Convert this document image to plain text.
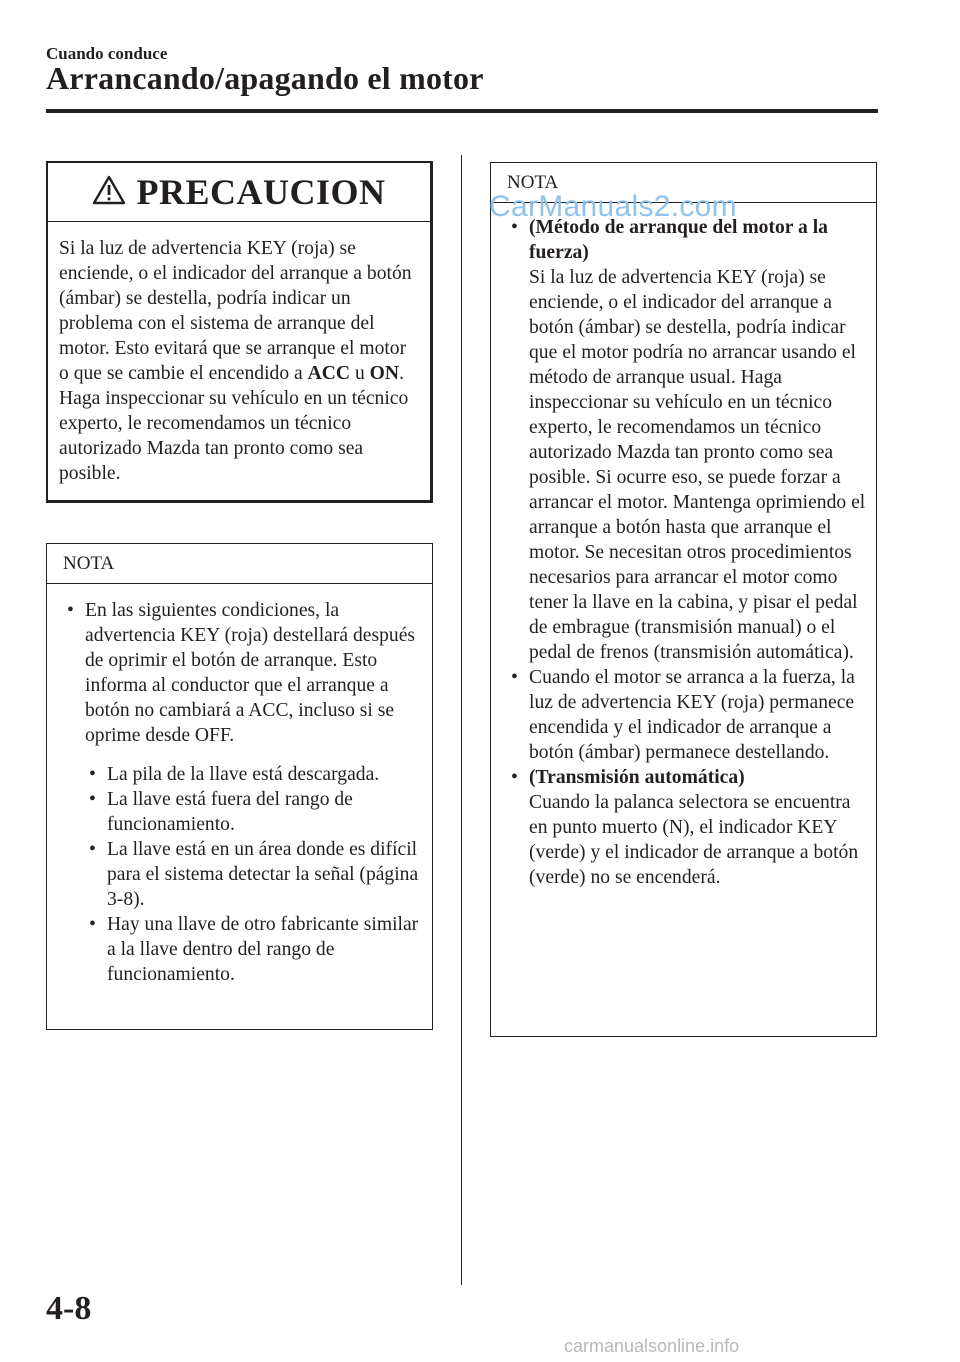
Cuando conduce
Arrancando/apagando el motor
PRECAUCION

Si la luz de advertencia KEY (roja) se enciende, o el indicador del arranque a botón (ámbar) se destella, podría indicar un problema con el sistema de arranque del motor. Esto evitará que se arranque el motor o que se cambie el encendido a ACC u ON. Haga inspeccionar su vehículo en un técnico experto, le recomendamos un técnico autorizado Mazda tan pronto como sea posible.

NOTA
• En las siguientes condiciones, la advertencia KEY (roja) destellará después de oprimir el botón de arranque. Esto informa al conductor que el arranque a botón no cambiará a ACC, incluso si se oprime desde OFF.
• La pila de la llave está descargada.
• La llave está fuera del rango de funcionamiento.
• La llave está en un área donde es difícil para el sistema detectar la señal (página 3-8).
• Hay una llave de otro fabricante similar a la llave dentro del rango de funcionamiento.
NOTA
• (Método de arranque del motor a la fuerza)
Si la luz de advertencia KEY (roja) se enciende, o el indicador del arranque a botón (ámbar) se destella, podría indicar que el motor podría no arrancar usando el método de arranque usual. Haga inspeccionar su vehículo en un técnico experto, le recomendamos un técnico autorizado Mazda tan pronto como sea posible. Si ocurre eso, se puede forzar a arrancar el motor. Mantenga oprimiendo el arranque a botón hasta que arranque el motor. Se necesitan otros procedimientos necesarios para arrancar el motor como tener la llave en la cabina, y pisar el pedal de embrague (transmisión manual) o el pedal de frenos (transmisión automática).
• Cuando el motor se arranca a la fuerza, la luz de advertencia KEY (roja) permanece encendida y el indicador de arranque a botón (ámbar) permanece destellando.
• (Transmisión automática)
Cuando la palanca selectora se encuentra en punto muerto (N), el indicador KEY (verde) y el indicador de arranque a botón (verde) no se encenderá.
CarManuals2.com
carmanualsonline.info
4-8
